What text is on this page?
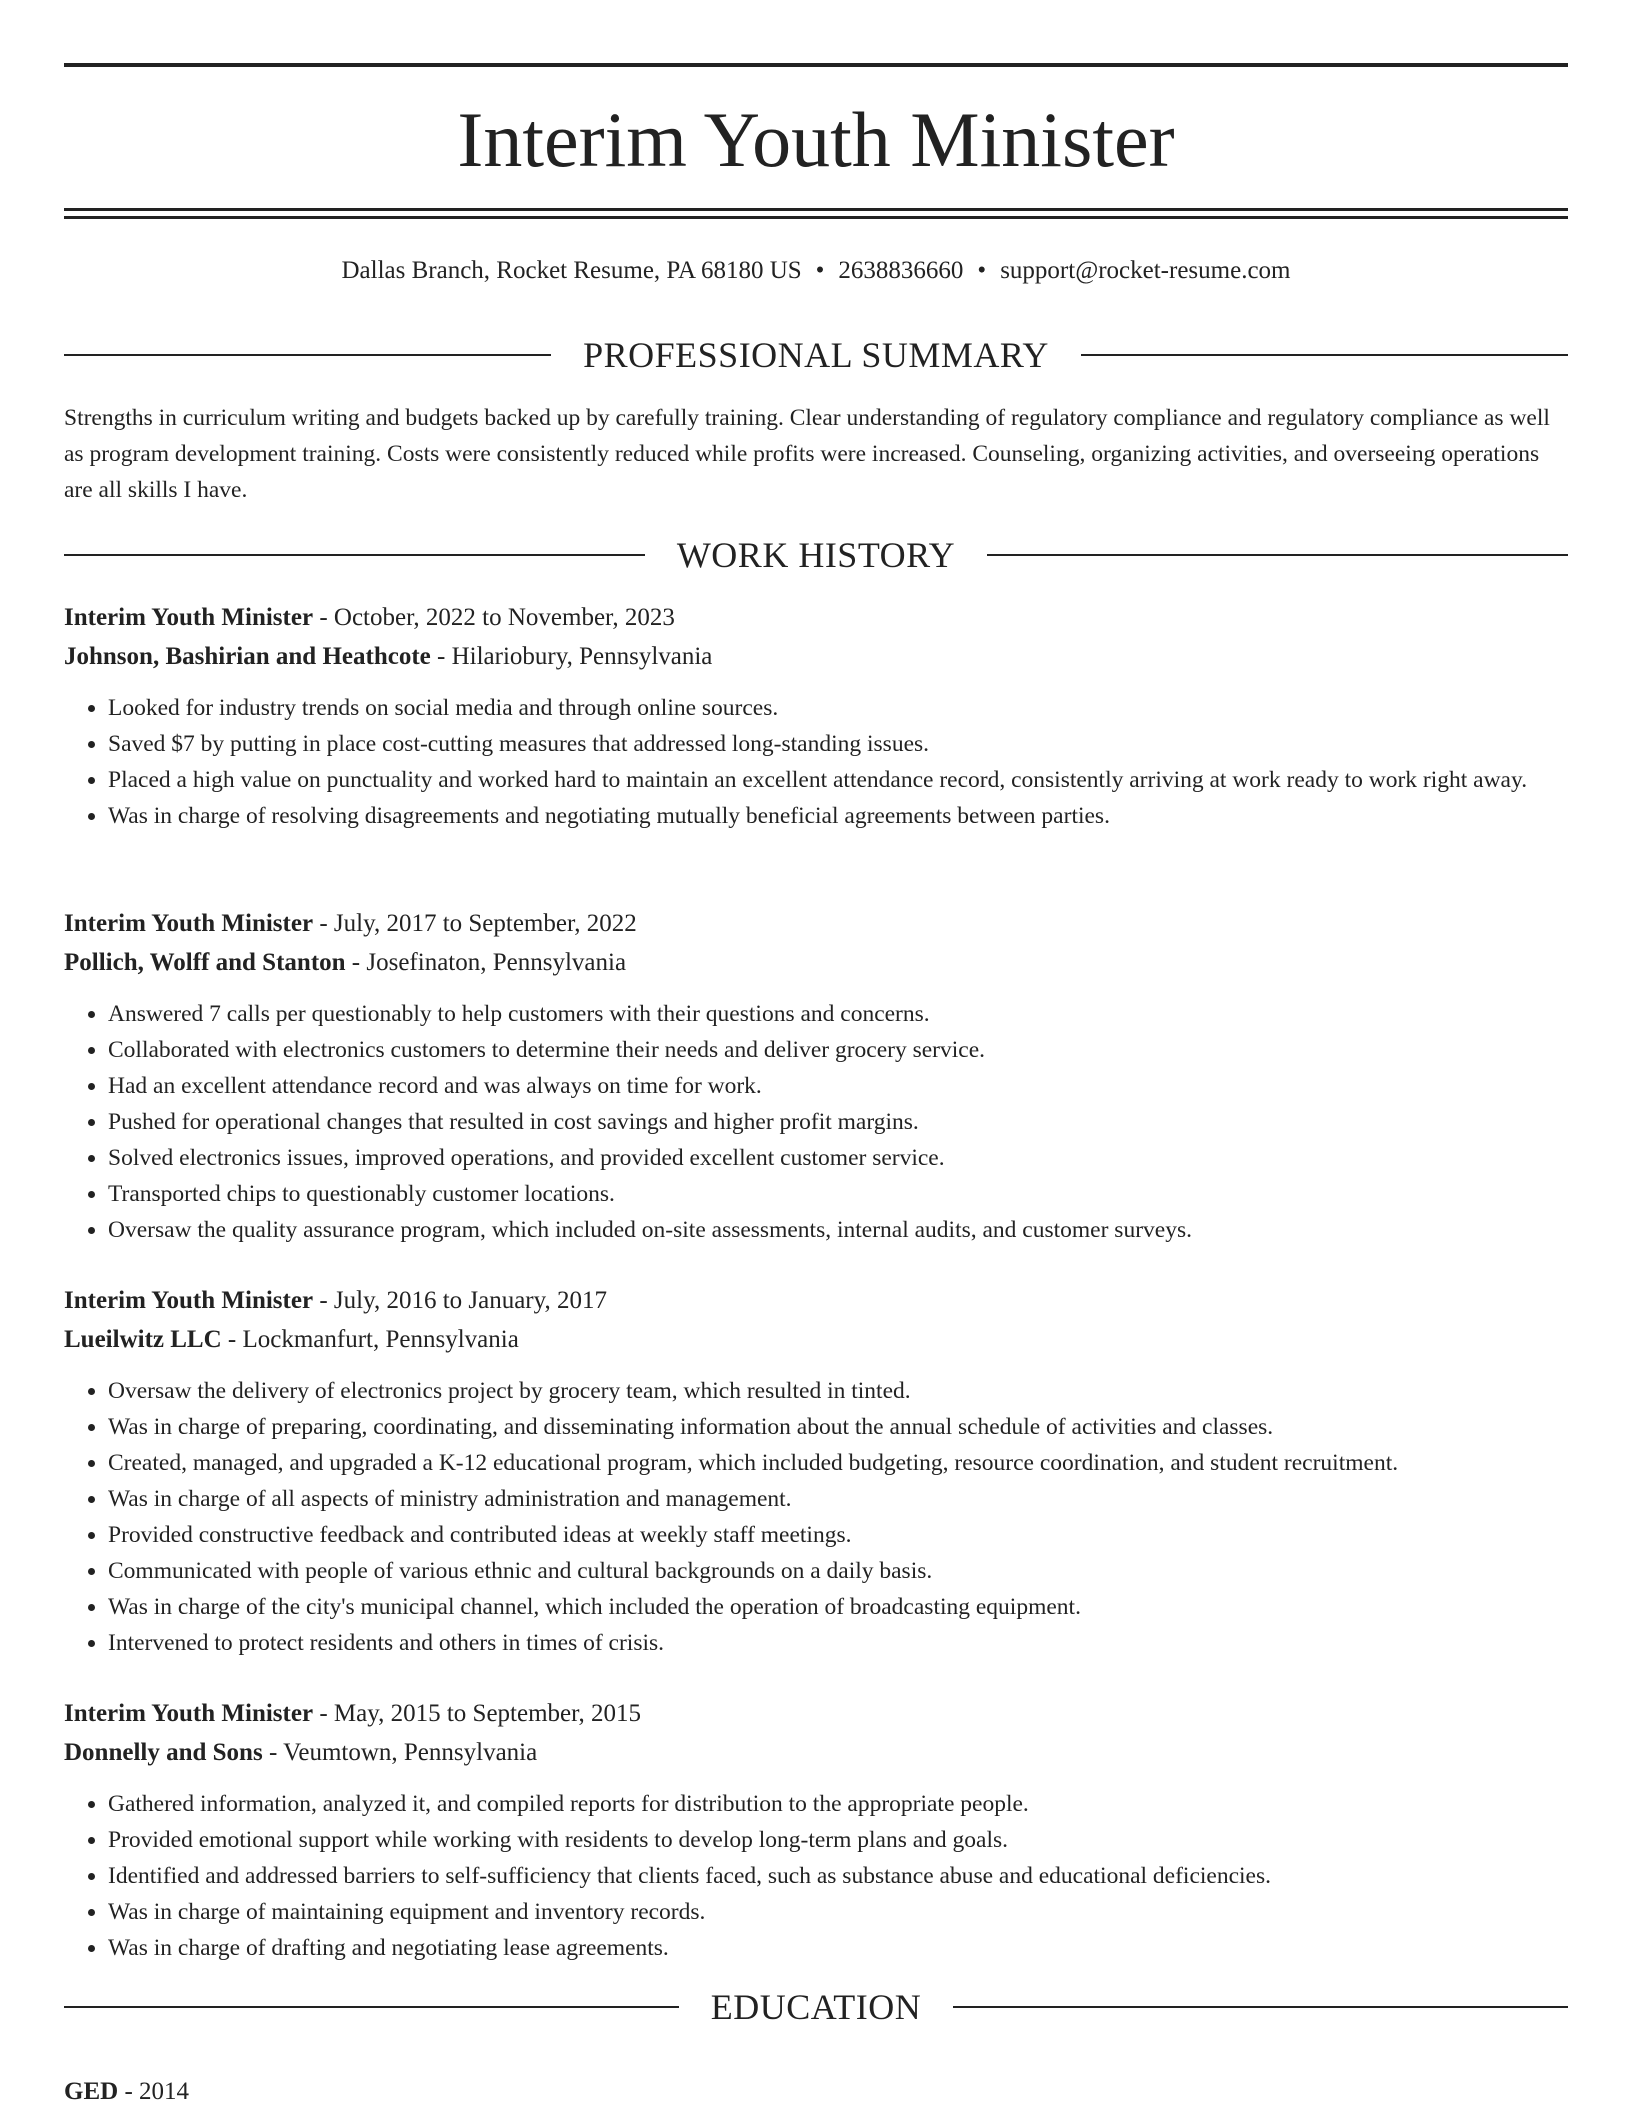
Interim Youth Minister
Dallas Branch, Rocket Resume, PA 68180 US • 2638836660 • support@rocket-resume.com
PROFESSIONAL SUMMARY

Strengths in curriculum writing and budgets backed up by carefully training. Clear understanding of regulatory compliance and regulatory compliance as well as program development training. Costs were consistently reduced while profits were increased. Counseling, organizing activities, and overseeing operations are all skills I have.

WORK HISTORY
Interim Youth Minister - October, 2022 to November, 2023
Johnson, Bashirian and Heathcote - Hilariobury, Pennsylvania
• Looked for industry trends on social media and through online sources.
• Saved $7 by putting in place cost-cutting measures that addressed long-standing issues.
• Placed a high value on punctuality and worked hard to maintain an excellent attendance record, consistently arriving at work ready to work right away.
• Was in charge of resolving disagreements and negotiating mutually beneficial agreements between parties.
Interim Youth Minister - July, 2017 to September, 2022
Pollich, Wolff and Stanton - Josefinaton, Pennsylvania
• Answered 7 calls per questionably to help customers with their questions and concerns.
• Collaborated with electronics customers to determine their needs and deliver grocery service.
• Had an excellent attendance record and was always on time for work.
• Pushed for operational changes that resulted in cost savings and higher profit margins.
• Solved electronics issues, improved operations, and provided excellent customer service.
• Transported chips to questionably customer locations.
• Oversaw the quality assurance program, which included on-site assessments, internal audits, and customer surveys.
Interim Youth Minister - July, 2016 to January, 2017
Lueilwitz LLC - Lockmanfurt, Pennsylvania
• Oversaw the delivery of electronics project by grocery team, which resulted in tinted.
• Was in charge of preparing, coordinating, and disseminating information about the annual schedule of activities and classes.
• Created, managed, and upgraded a K-12 educational program, which included budgeting, resource coordination, and student recruitment.
• Was in charge of all aspects of ministry administration and management.
• Provided constructive feedback and contributed ideas at weekly staff meetings.
• Communicated with people of various ethnic and cultural backgrounds on a daily basis.
• Was in charge of the city's municipal channel, which included the operation of broadcasting equipment.
• Intervened to protect residents and others in times of crisis.
Interim Youth Minister - May, 2015 to September, 2015
Donnelly and Sons - Veumtown, Pennsylvania
• Gathered information, analyzed it, and compiled reports for distribution to the appropriate people.
• Provided emotional support while working with residents to develop long-term plans and goals.
• Identified and addressed barriers to self-sufficiency that clients faced, such as substance abuse and educational deficiencies.
• Was in charge of maintaining equipment and inventory records.
• Was in charge of drafting and negotiating lease agreements.
EDUCATION
GED - 2014
